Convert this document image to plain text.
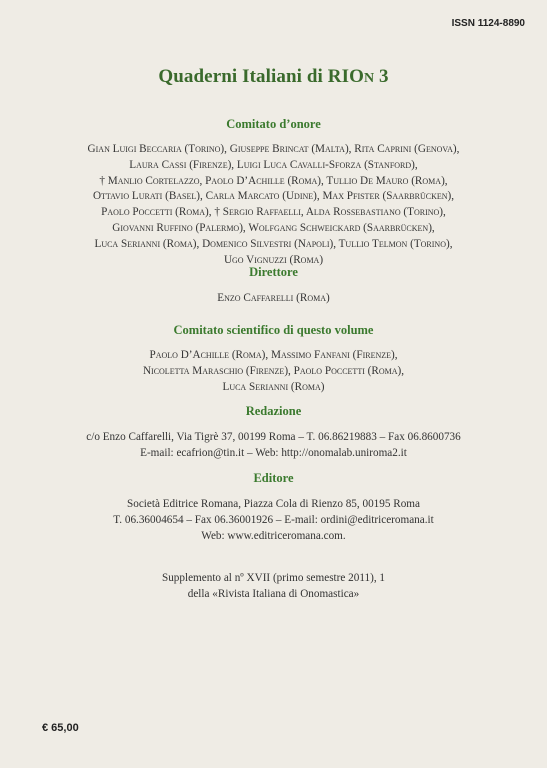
ISSN 1124-8890
Quaderni Italiani di RION 3

Comitato d’onore

Gian Luigi Beccaria (Torino), Giuseppe Brincat (Malta), Rita Caprini (Genova),

Laura Cassi (Firenze), Luigi Luca Cavalli-Sforza (Stanford),

† Manlio Cortelazzo, Paolo D’Achille (Roma), Tullio De Mauro (Roma),

Ottavio Lurati (Basel), Carla Marcato (Udine), Max Pfister (Saarbrücken),

Paolo Poccetti (Roma), † Sergio Raffaelli, Alda Rossebastiano (Torino),

Giovanni Ruffino (Palermo), Wolfgang Schweickard (Saarbrücken),

Luca Serianni (Roma), Domenico Silvestri (Napoli), Tullio Telmon (Torino),

Ugo Vignuzzi (Roma)

Direttore

Enzo Caffarelli (Roma)

Comitato scientifico di questo volume

Paolo D’Achille (Roma), Massimo Fanfani (Firenze),

Nicoletta Maraschio (Firenze), Paolo Poccetti (Roma),

Luca Serianni (Roma)

Redazione

c/o Enzo Caffarelli, Via Tigrè 37, 00199 Roma – T. 06.86219883 – Fax 06.8600736

E-mail: ecafrion@tin.it – Web: http://onomalab.uniroma2.it

Editore

Società Editrice Romana, Piazza Cola di Rienzo 85, 00195 Roma

T. 06.36004654 – Fax 06.36001926 – E-mail: ordini@editriceromana.it

Web: www.editriceromana.com.

Supplemento al nº XVII (primo semestre 2011), 1

della «Rivista Italiana di Onomastica»

€ 65,00
